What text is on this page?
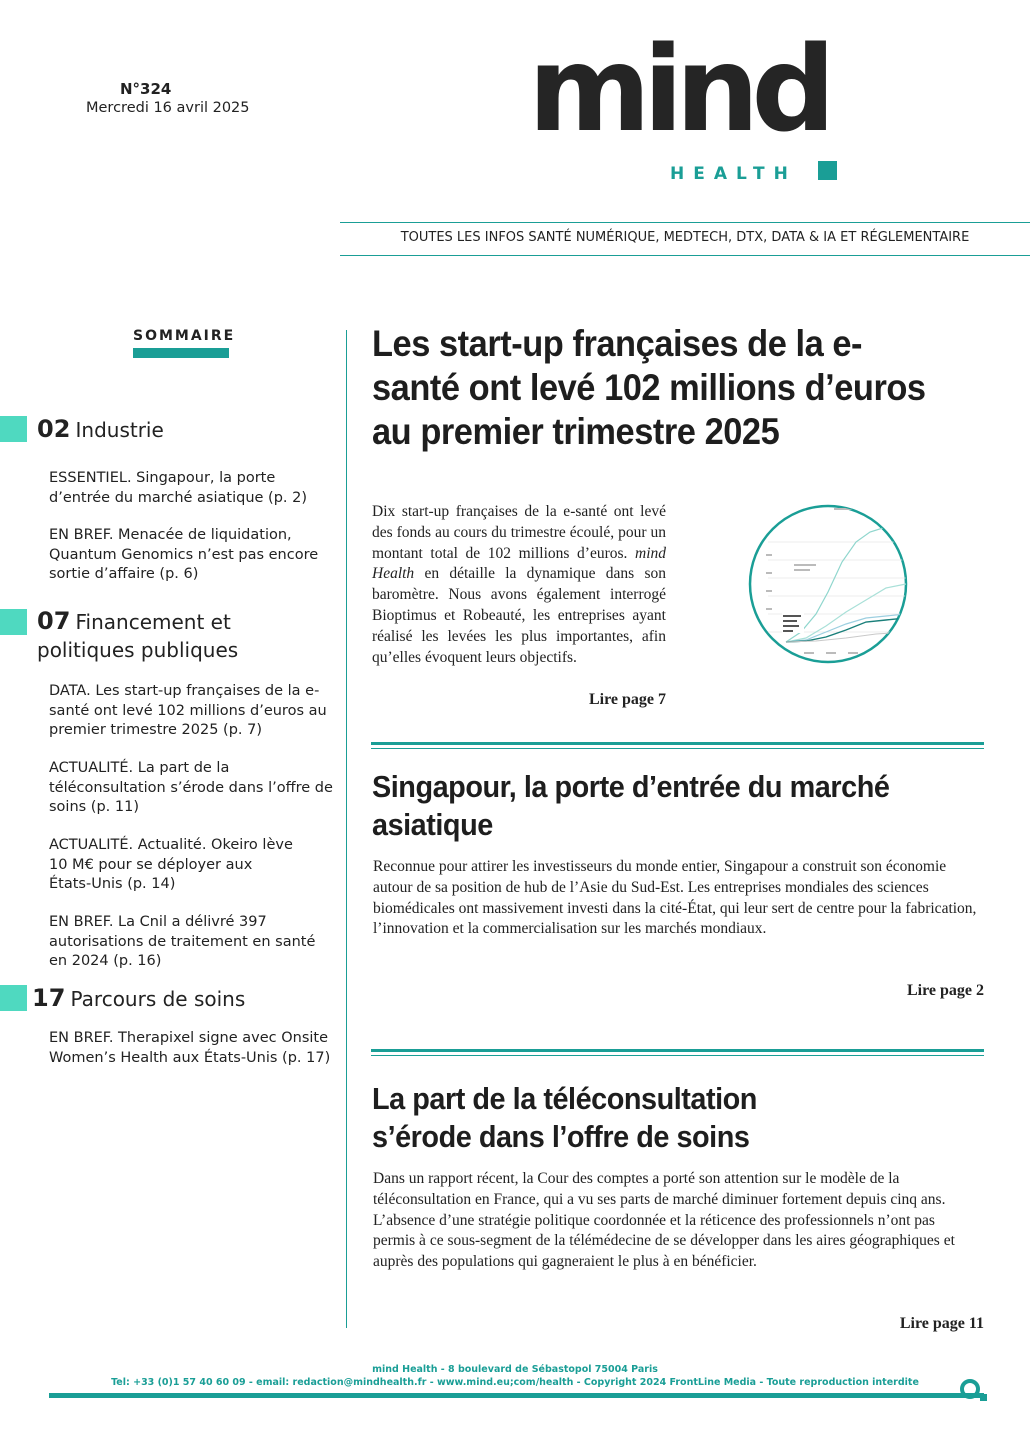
N°324
Mercredi 16 avril 2025 mind
HEALTH
TOUTES LES INFOS SANTÉ NUMÉRIQUE, MEDTECH, DTX, DATA & IA ET RÉGLEMENTAIRE
SOMMAIRE
02 Industrie
ESSENTIEL. Singapour, la porte d’entrée du marché asiatique (p. 2)
EN BREF. Menacée de liquidation, Quantum Genomics n’est pas encore sortie d’affaire (p. 6)
07 Financement et
politiques publiques
DATA. Les start-up françaises de la e-santé ont levé 102 millions d’euros au premier trimestre 2025 (p. 7)
ACTUALITÉ. La part de la téléconsultation s’érode dans l’offre de soins (p. 11)
ACTUALITÉ. Actualité. Okeiro lève 10 M€ pour se déployer aux États-Unis (p. 14)
EN BREF. La Cnil a délivré 397 autorisations de traitement en santé en 2024 (p. 16)
17 Parcours de soins
EN BREF. Therapixel signe avec Onsite Women’s Health aux États-Unis (p. 17)
Les start-up françaises de la e-santé ont levé 102 millions d’euros au premier trimestre 2025
Dix start-up françaises de la e-santé ont levé des fonds au cours du trimestre écoulé, pour un montant total de 102 millions d’euros. mind Health en détaille la dynamique dans son baromètre. Nous avons également interrogé Bioptimus et Robeauté, les entreprises ayant réalisé les levées les plus importantes, afin qu’elles évoquent leurs objectifs.
Lire page 7
Singapour, la porte d’entrée du marché asiatique
Reconnue pour attirer les investisseurs du monde entier, Singapour a construit son économie autour de sa position de hub de l’Asie du Sud-Est. Les entreprises mondiales des sciences biomédicales ont massivement investi dans la cité-État, qui leur sert de centre pour la fabrication, l’innovation et la commercialisation sur les marchés mondiaux.
Lire page 2
La part de la téléconsultation s’érode dans l’offre de soins
Dans un rapport récent, la Cour des comptes a porté son attention sur le modèle de la téléconsultation en France, qui a vu ses parts de marché diminuer fortement depuis cinq ans. L’absence d’une stratégie politique coordonnée et la réticence des professionnels n’ont pas permis à ce sous-segment de la télémédecine de se développer dans les aires géographiques et auprès des populations qui gagneraient le plus à en bénéficier.
Lire page 11
mind Health - 8 boulevard de Sébastopol 75004 Paris
Tel: +33 (0)1 57 40 60 09 - email: redaction@mindhealth.fr - www.mind.eu;com/health - Copyright 2024 FrontLine Media - Toute reproduction interdite
